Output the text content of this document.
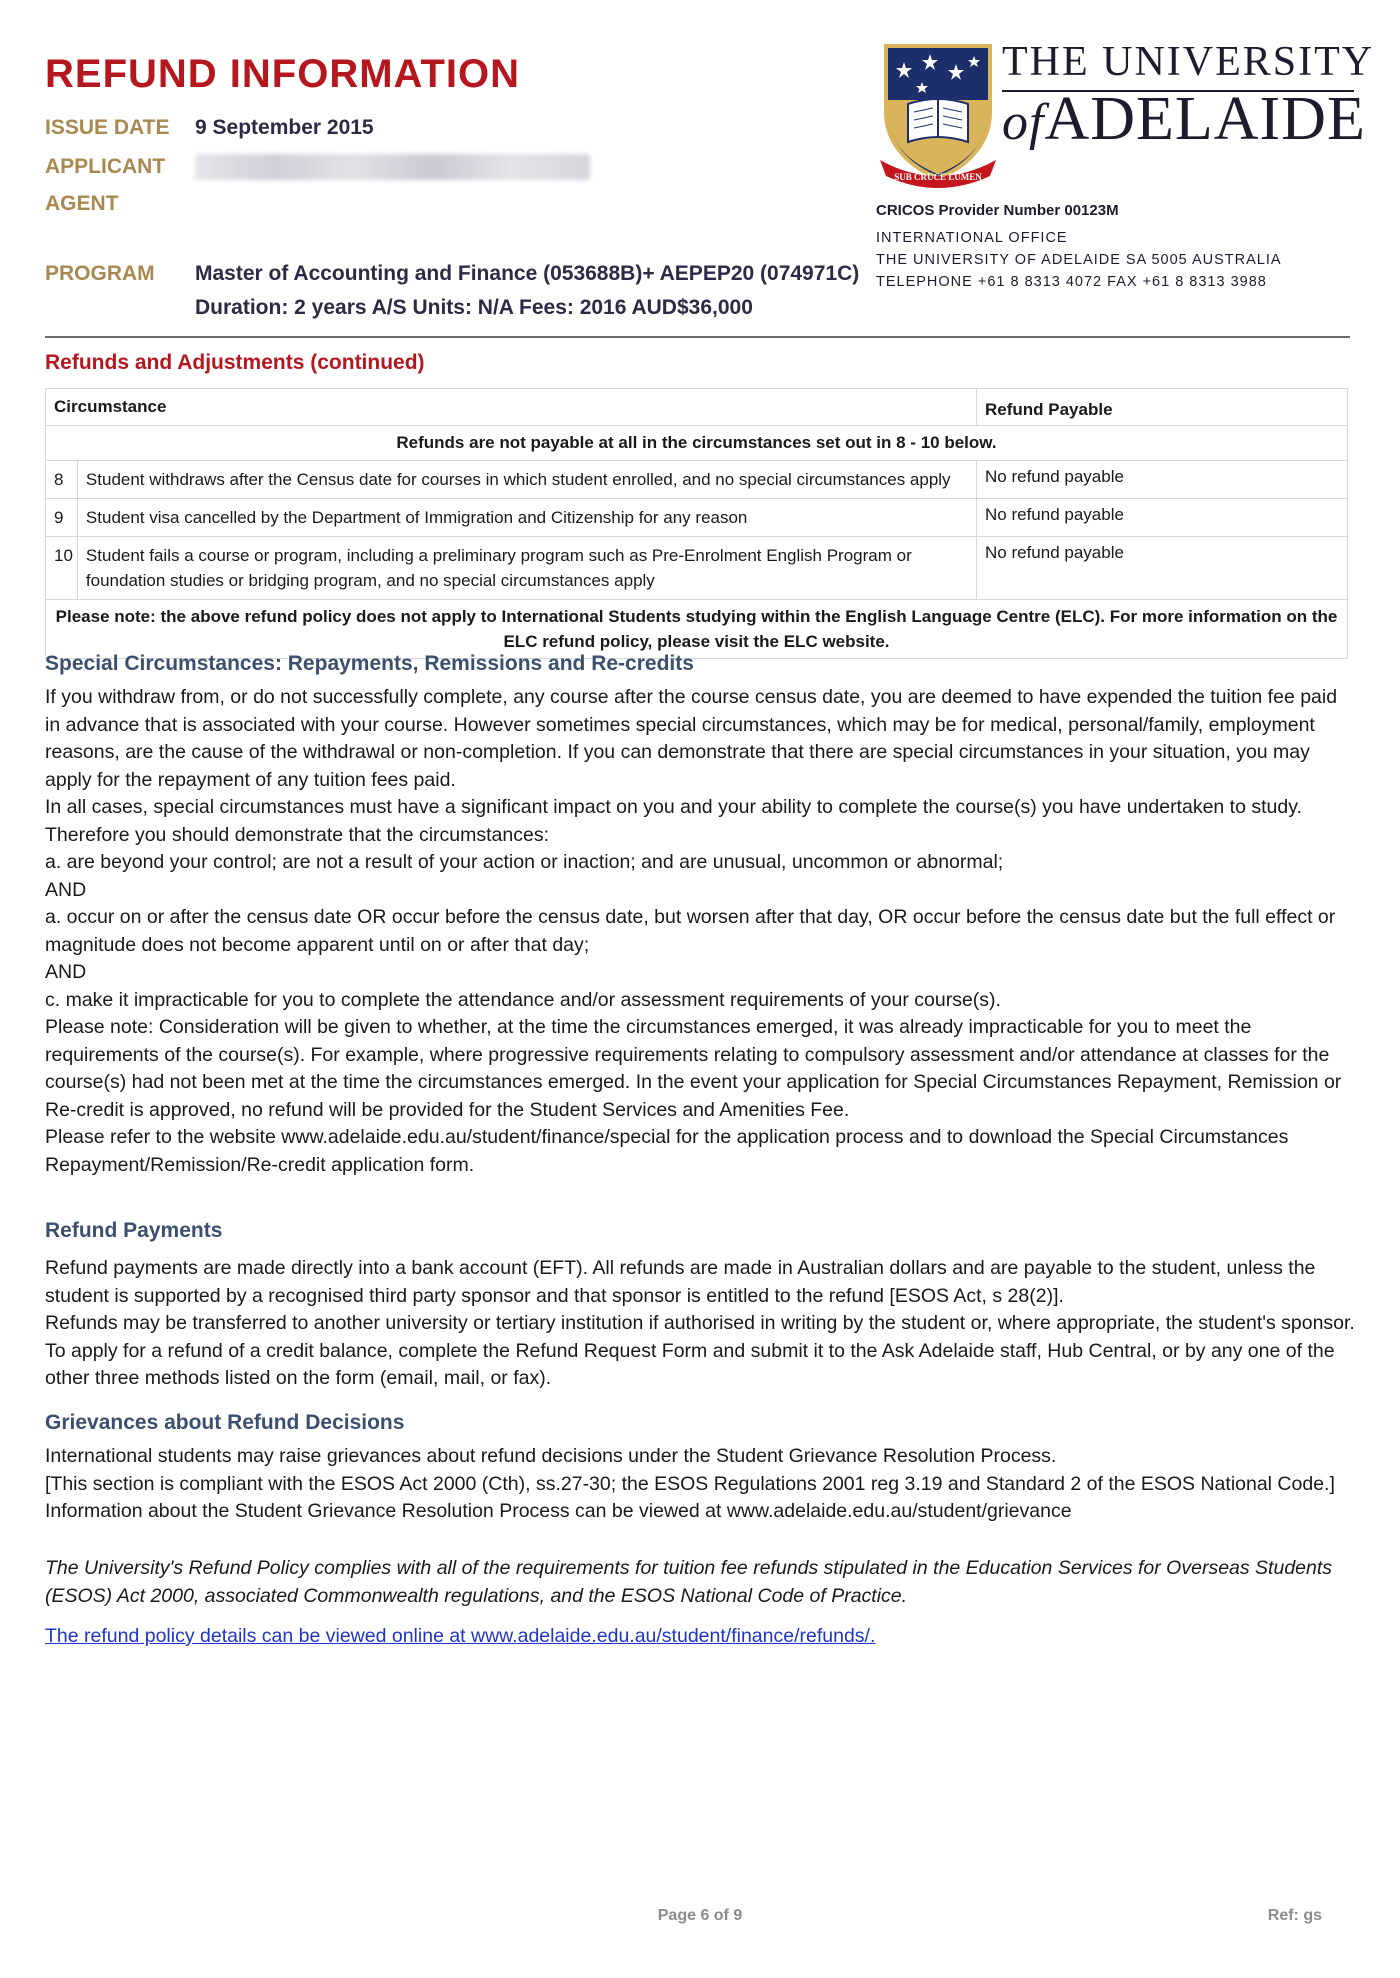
REFUND INFORMATION
ISSUE DATE 9 September 2015
APPLICANT
AGENT
PROGRAM Master of Accounting and Finance (053688B)+ AEPEP20 (074971C)
Duration: 2 years A/S Units: N/A Fees: 2016 AUD$36,000
SUB CRUCE LUMEN
THE UNIVERSITY
ofADELAIDE
CRICOS Provider Number 00123M
INTERNATIONAL OFFICE
THE UNIVERSITY OF ADELAIDE SA 5005 AUSTRALIA
TELEPHONE +61 8 8313 4072 FAX +61 8 8313 3988
Refunds and Adjustments (continued)
Circumstance		Refund Payable
Refunds are not payable at all in the circumstances set out in 8 - 10 below.		
8	Student withdraws after the Census date for courses in which student enrolled, and no special circumstances apply	No refund payable
9	Student visa cancelled by the Department of Immigration and Citizenship for any reason	No refund payable
10	Student fails a course or program, including a preliminary program such as Pre-Enrolment English Program or foundation studies or bridging program, and no special circumstances apply	No refund payable
Please note: the above refund policy does not apply to International Students studying within the English Language Centre (ELC). For more information on the ELC refund policy, please visit the ELC website.		
Special Circumstances: Repayments, Remissions and Re-credits

If you withdraw from, or do not successfully complete, any course after the course census date, you are deemed to have expended the tuition fee paid in advance that is associated with your course. However sometimes special circumstances, which may be for medical, personal/family, employment reasons, are the cause of the withdrawal or non-completion. If you can demonstrate that there are special circumstances in your situation, you may apply for the repayment of any tuition fees paid.

In all cases, special circumstances must have a significant impact on you and your ability to complete the course(s) you have undertaken to study.

Therefore you should demonstrate that the circumstances:

a. are beyond your control; are not a result of your action or inaction; and are unusual, uncommon or abnormal;

AND

a. occur on or after the census date OR occur before the census date, but worsen after that day, OR occur before the census date but the full effect or magnitude does not become apparent until on or after that day;

AND

c. make it impracticable for you to complete the attendance and/or assessment requirements of your course(s).

Please note: Consideration will be given to whether, at the time the circumstances emerged, it was already impracticable for you to meet the requirements of the course(s). For example, where progressive requirements relating to compulsory assessment and/or attendance at classes for the course(s) had not been met at the time the circumstances emerged. In the event your application for Special Circumstances Repayment, Remission or Re-credit is approved, no refund will be provided for the Student Services and Amenities Fee.

Please refer to the website www.adelaide.edu.au/student/finance/special for the application process and to download the Special Circumstances Repayment/Remission/Re-credit application form.

Refund Payments

Refund payments are made directly into a bank account (EFT). All refunds are made in Australian dollars and are payable to the student, unless the student is supported by a recognised third party sponsor and that sponsor is entitled to the refund [ESOS Act, s 28(2)].

Refunds may be transferred to another university or tertiary institution if authorised in writing by the student or, where appropriate, the student's sponsor.

To apply for a refund of a credit balance, complete the Refund Request Form and submit it to the Ask Adelaide staff, Hub Central, or by any one of the other three methods listed on the form (email, mail, or fax).

Grievances about Refund Decisions

International students may raise grievances about refund decisions under the Student Grievance Resolution Process.

[This section is compliant with the ESOS Act 2000 (Cth), ss.27-30; the ESOS Regulations 2001 reg 3.19 and Standard 2 of the ESOS National Code.]

Information about the Student Grievance Resolution Process can be viewed at www.adelaide.edu.au/student/grievance

The University's Refund Policy complies with all of the requirements for tuition fee refunds stipulated in the Education Services for Overseas Students (ESOS) Act 2000, associated Commonwealth regulations, and the ESOS National Code of Practice.

The refund policy details can be viewed online at www.adelaide.edu.au/student/finance/refunds/.
Page 6 of 9	Ref: gs
